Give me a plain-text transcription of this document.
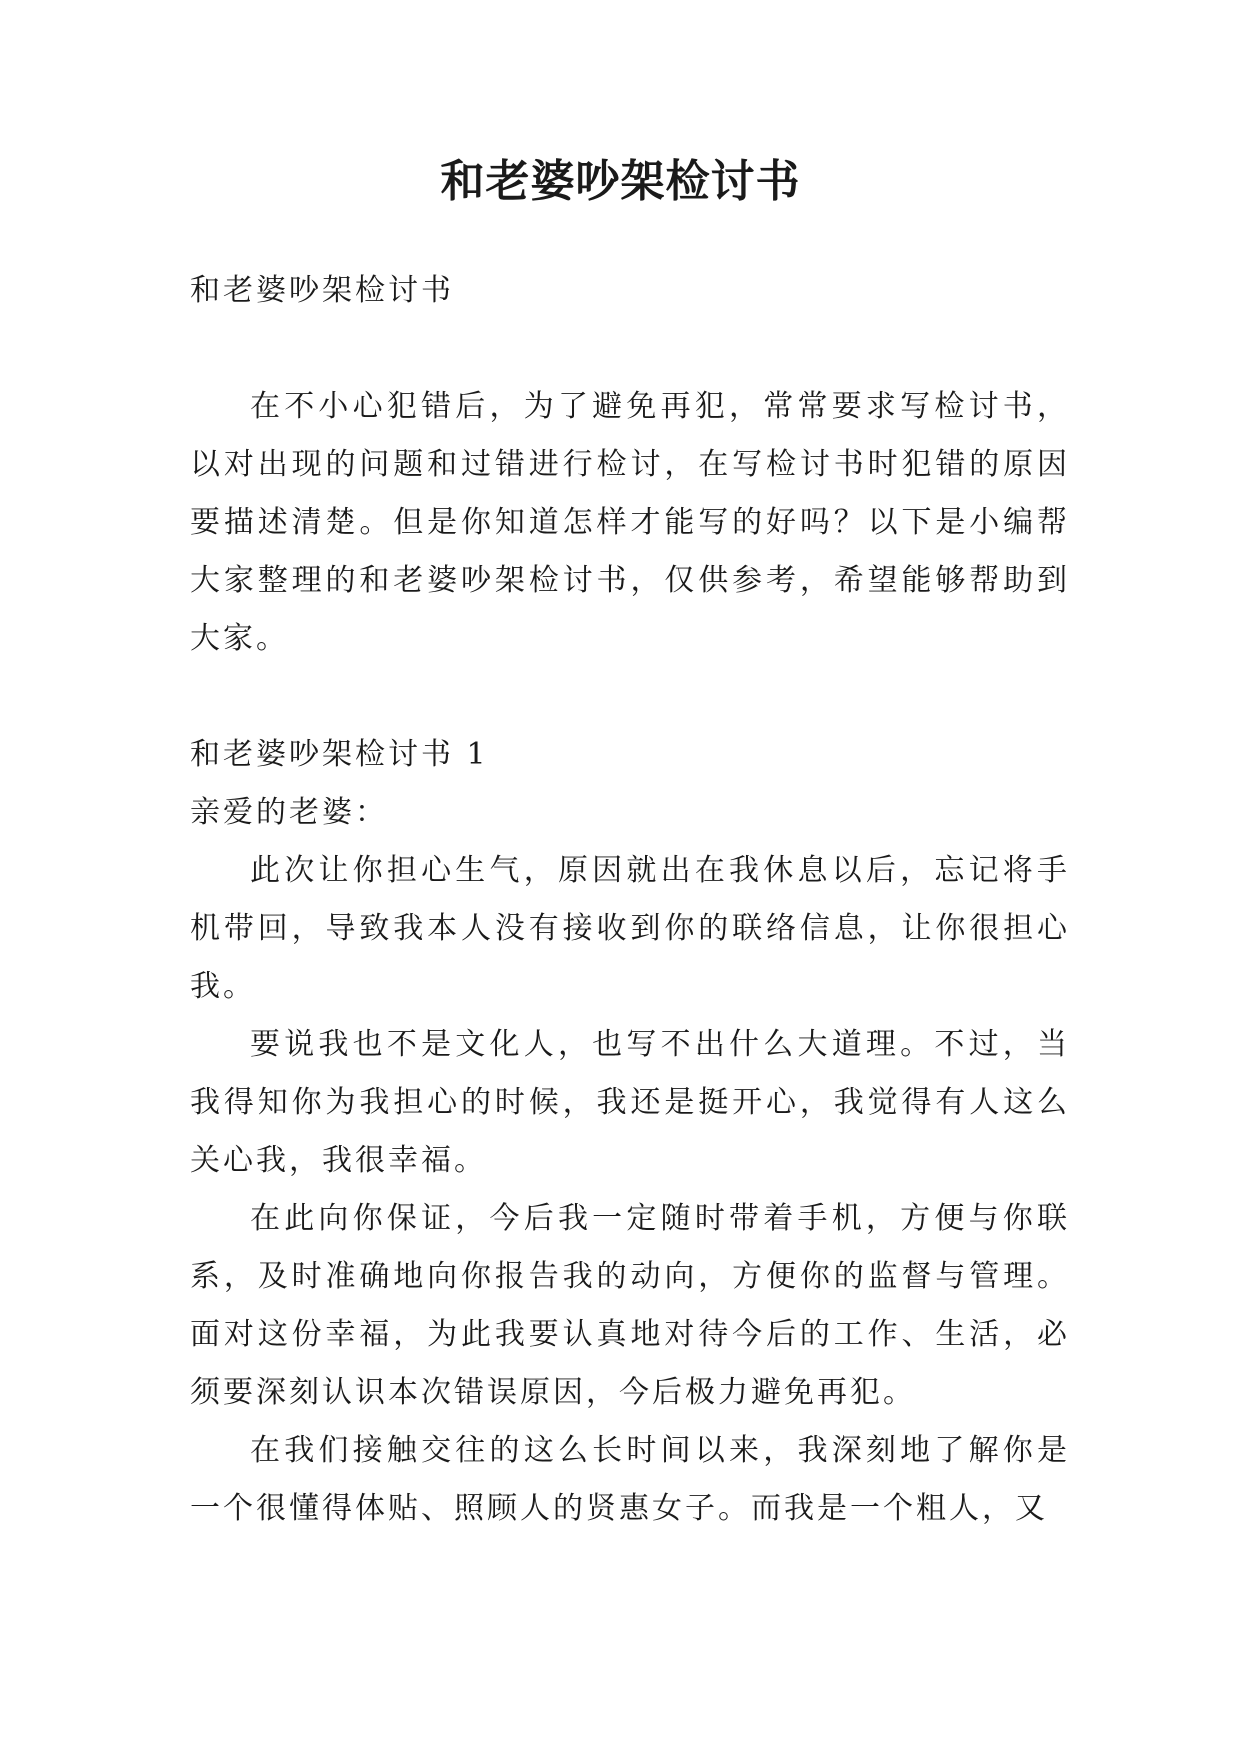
和老婆吵架检讨书

和老婆吵架检讨书

在不小心犯错后，为了避免再犯，常常要求写检讨书，以对出现的问题和过错进行检讨，在写检讨书时犯错的原因要描述清楚。但是你知道怎样才能写的好吗？以下是小编帮大家整理的和老婆吵架检讨书，仅供参考，希望能够帮助到大家。

和老婆吵架检讨书 1

亲爱的老婆：

此次让你担心生气，原因就出在我休息以后，忘记将手机带回，导致我本人没有接收到你的联络信息，让你很担心我。

要说我也不是文化人，也写不出什么大道理。不过，当我得知你为我担心的时候，我还是挺开心，我觉得有人这么关心我，我很幸福。

在此向你保证，今后我一定随时带着手机，方便与你联系，及时准确地向你报告我的动向，方便你的监督与管理。面对这份幸福，为此我要认真地对待今后的工作、生活，必须要深刻认识本次错误原因，今后极力避免再犯。

在我们接触交往的这么长时间以来，我深刻地了解你是一个很懂得体贴、照顾人的贤惠女子。而我是一个粗人，又
